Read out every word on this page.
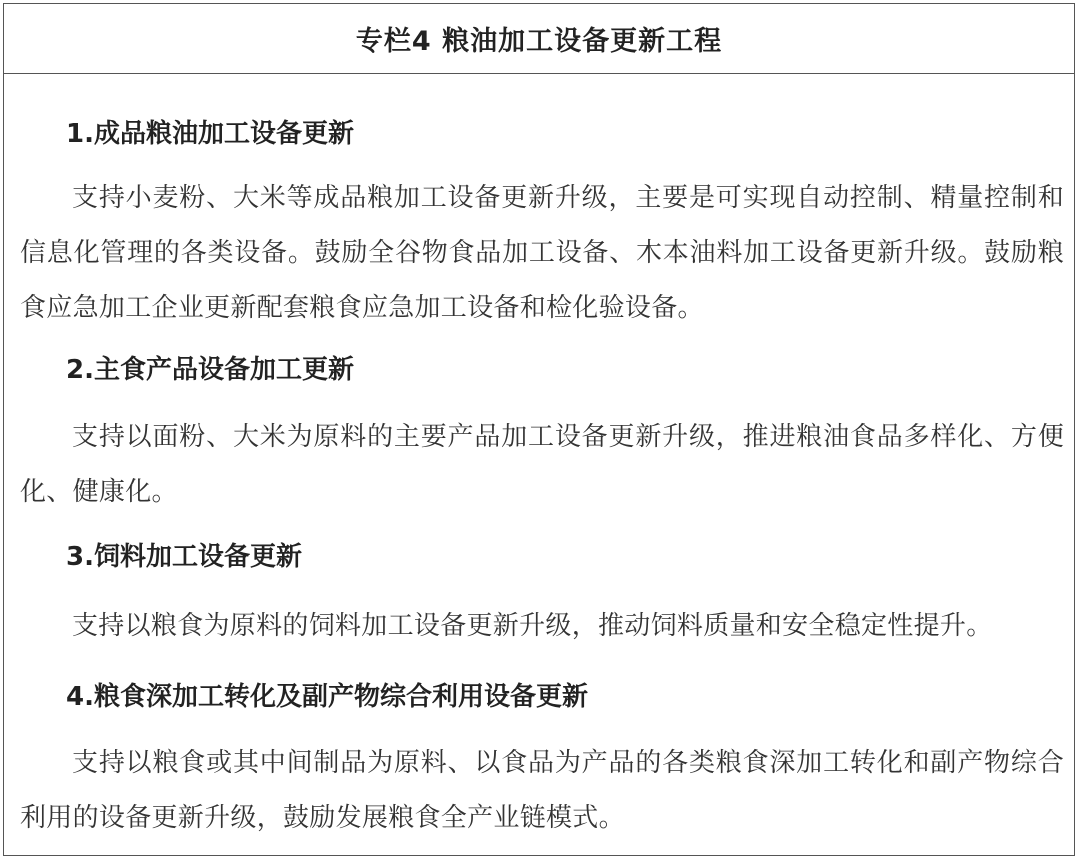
专栏4 粮油加工设备更新工程
1.成品粮油加工设备更新

支持小麦粉、大米等成品粮加工设备更新升级，主要是可实现自动控制、精量控制和信息化管理的各类设备。鼓励全谷物食品加工设备、木本油料加工设备更新升级。鼓励粮食应急加工企业更新配套粮食应急加工设备和检化验设备。

2.主食产品设备加工更新

支持以面粉、大米为原料的主要产品加工设备更新升级，推进粮油食品多样化、方便化、健康化。

3.饲料加工设备更新

支持以粮食为原料的饲料加工设备更新升级，推动饲料质量和安全稳定性提升。

4.粮食深加工转化及副产物综合利用设备更新

支持以粮食或其中间制品为原料、以食品为产品的各类粮食深加工转化和副产物综合利用的设备更新升级，鼓励发展粮食全产业链模式。
